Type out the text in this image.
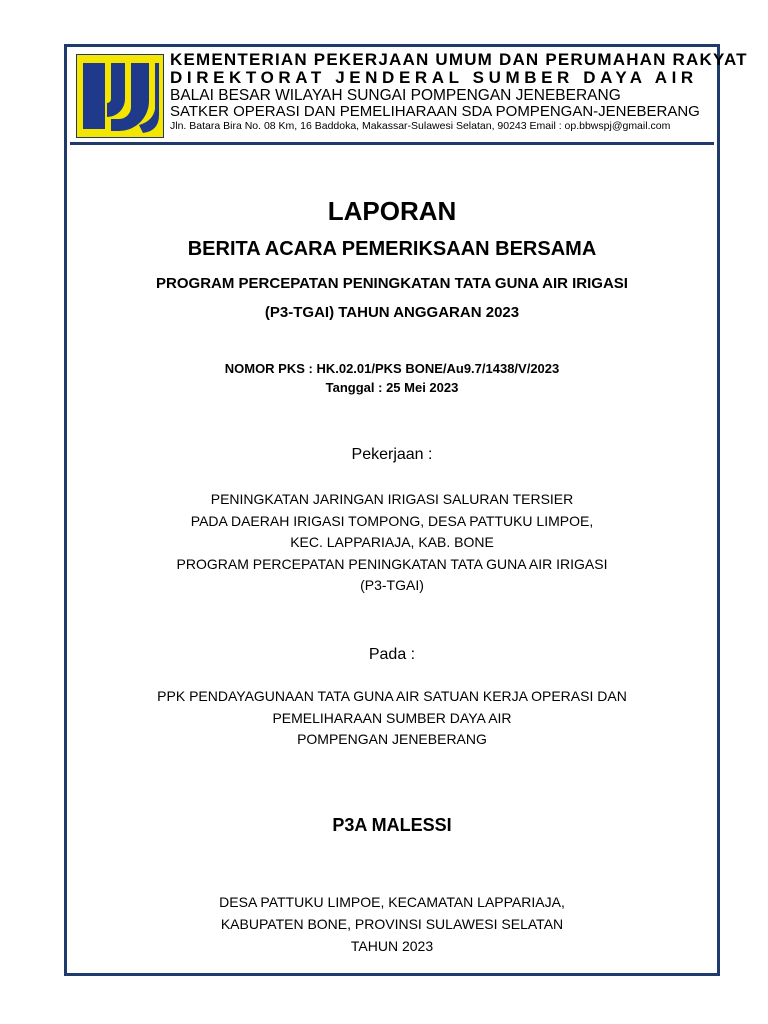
KEMENTERIAN PEKERJAAN UMUM DAN PERUMAHAN RAKYAT
DIREKTORAT JENDERAL SUMBER DAYA AIR
BALAI BESAR WILAYAH SUNGAI POMPENGAN JENEBERANG
SATKER OPERASI DAN PEMELIHARAAN SDA POMPENGAN-JENEBERANG
Jln. Batara Bira No. 08 Km, 16 Baddoka, Makassar-Sulawesi Selatan, 90243 Email : op.bbwspj@gmail.com
LAPORAN
BERITA ACARA PEMERIKSAAN BERSAMA
PROGRAM PERCEPATAN PENINGKATAN TATA GUNA AIR IRIGASI
(P3-TGAI) TAHUN ANGGARAN 2023
NOMOR PKS : HK.02.01/PKS BONE/Au9.7/1438/V/2023
Tanggal : 25 Mei 2023
Pekerjaan :
PENINGKATAN JARINGAN IRIGASI SALURAN TERSIER
PADA DAERAH IRIGASI TOMPONG, DESA PATTUKU LIMPOE,
KEC. LAPPARIAJA, KAB. BONE
PROGRAM PERCEPATAN PENINGKATAN TATA GUNA AIR IRIGASI
(P3-TGAI)
Pada :
PPK PENDAYAGUNAAN TATA GUNA AIR SATUAN KERJA OPERASI DAN
PEMELIHARAAN SUMBER DAYA AIR
POMPENGAN JENEBERANG
P3A MALESSI
DESA PATTUKU LIMPOE, KECAMATAN LAPPARIAJA,
KABUPATEN BONE, PROVINSI SULAWESI SELATAN
TAHUN 2023
